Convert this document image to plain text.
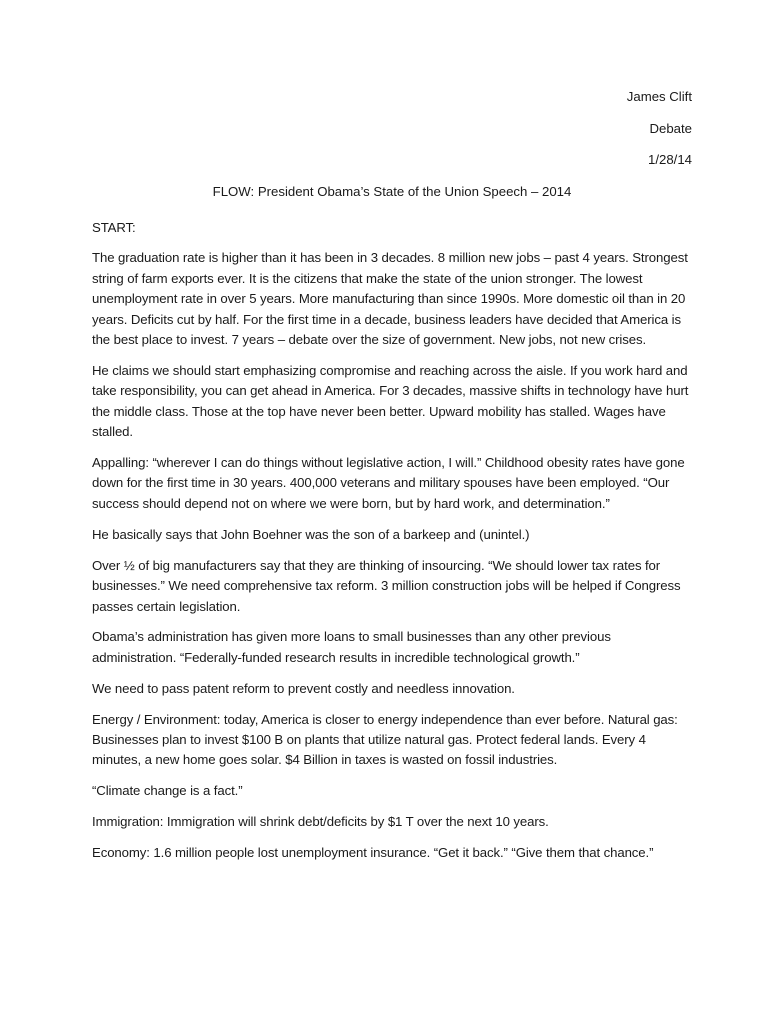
James Clift
Debate
1/28/14
FLOW: President Obama’s State of the Union Speech – 2014

START:

The graduation rate is higher than it has been in 3 decades. 8 million new jobs – past 4 years. Strongest string of farm exports ever. It is the citizens that make the state of the union stronger. The lowest unemployment rate in over 5 years. More manufacturing than since 1990s. More domestic oil than in 20 years. Deficits cut by half. For the first time in a decade, business leaders have decided that America is the best place to invest. 7 years – debate over the size of government. New jobs, not new crises.

He claims we should start emphasizing compromise and reaching across the aisle. If you work hard and take responsibility, you can get ahead in America. For 3 decades, massive shifts in technology have hurt the middle class. Those at the top have never been better. Upward mobility has stalled. Wages have stalled.

Appalling: “wherever I can do things without legislative action, I will.” Childhood obesity rates have gone down for the first time in 30 years. 400,000 veterans and military spouses have been employed. “Our success should depend not on where we were born, but by hard work, and determination.”

He basically says that John Boehner was the son of a barkeep and (unintel.)

Over ½ of big manufacturers say that they are thinking of insourcing. “We should lower tax rates for businesses.” We need comprehensive tax reform. 3 million construction jobs will be helped if Congress passes certain legislation.

Obama’s administration has given more loans to small businesses than any other previous administration. “Federally-funded research results in incredible technological growth.”

We need to pass patent reform to prevent costly and needless innovation.

Energy / Environment: today, America is closer to energy independence than ever before. Natural gas: Businesses plan to invest $100 B on plants that utilize natural gas. Protect federal lands. Every 4 minutes, a new home goes solar. $4 Billion in taxes is wasted on fossil industries.

“Climate change is a fact.”

Immigration: Immigration will shrink debt/deficits by $1 T over the next 10 years.

Economy: 1.6 million people lost unemployment insurance. “Get it back.” “Give them that chance.”
